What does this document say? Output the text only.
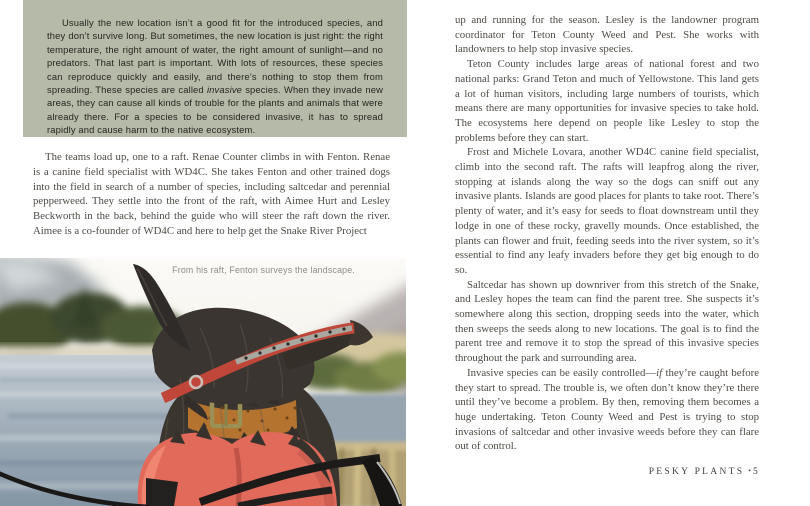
Usually the new location isn’t a good fit for the introduced species, and they don’t survive long. But sometimes, the new location is just right: the right temperature, the right amount of water, the right amount of sunlight—and no predators. That last part is important. With lots of resources, these species can reproduce quickly and easily, and there’s nothing to stop them from spreading. These species are called invasive species. When they invade new areas, they can cause all kinds of trouble for the plants and animals that were already there. For a species to be considered invasive, it has to spread rapidly and cause harm to the native ecosystem.

The teams load up, one to a raft. Renae Counter climbs in with Fenton. Renae is a canine field specialist with WD4C. She takes Fenton and other trained dogs into the field in search of a number of species, including saltcedar and perennial pepperweed. They settle into the front of the raft, with Aimee Hurt and Lesley Beckworth in the back, behind the guide who will steer the raft down the river. Aimee is a co-founder of WD4C and here to help get the Snake River Project

From his raft, Fenton surveys the landscape.

up and running for the season. Lesley is the landowner program coordinator for Teton County Weed and Pest. She works with landowners to help stop invasive species.

Teton County includes large areas of national forest and two national parks: Grand Teton and much of Yellowstone. This land gets a lot of human visitors, including large numbers of tourists, which means there are many opportunities for invasive species to take hold. The ecosystems here depend on people like Lesley to stop the problems before they can start.

Frost and Michele Lovara, another WD4C canine field specialist, climb into the second raft. The rafts will leapfrog along the river, stopping at islands along the way so the dogs can sniff out any invasive plants. Islands are good places for plants to take root. There’s plenty of water, and it’s easy for seeds to float downstream until they lodge in one of these rocky, gravelly mounds. Once established, the plants can flower and fruit, feeding seeds into the river system, so it’s essential to find any leafy invaders before they get big enough to do so.

Saltcedar has shown up downriver from this stretch of the Snake, and Lesley hopes the team can find the parent tree. She suspects it’s somewhere along this section, dropping seeds into the water, which then sweeps the seeds along to new locations. The goal is to find the parent tree and remove it to stop the spread of this invasive species throughout the park and surrounding area.

Invasive species can be easily controlled—if they’re caught before they start to spread. The trouble is, we often don’t know they’re there until they’ve become a problem. By then, removing them becomes a huge undertaking. Teton County Weed and Pest is trying to stop invasions of saltcedar and other invasive weeds before they can flare out of control.

PESKY PLANTS • 5
